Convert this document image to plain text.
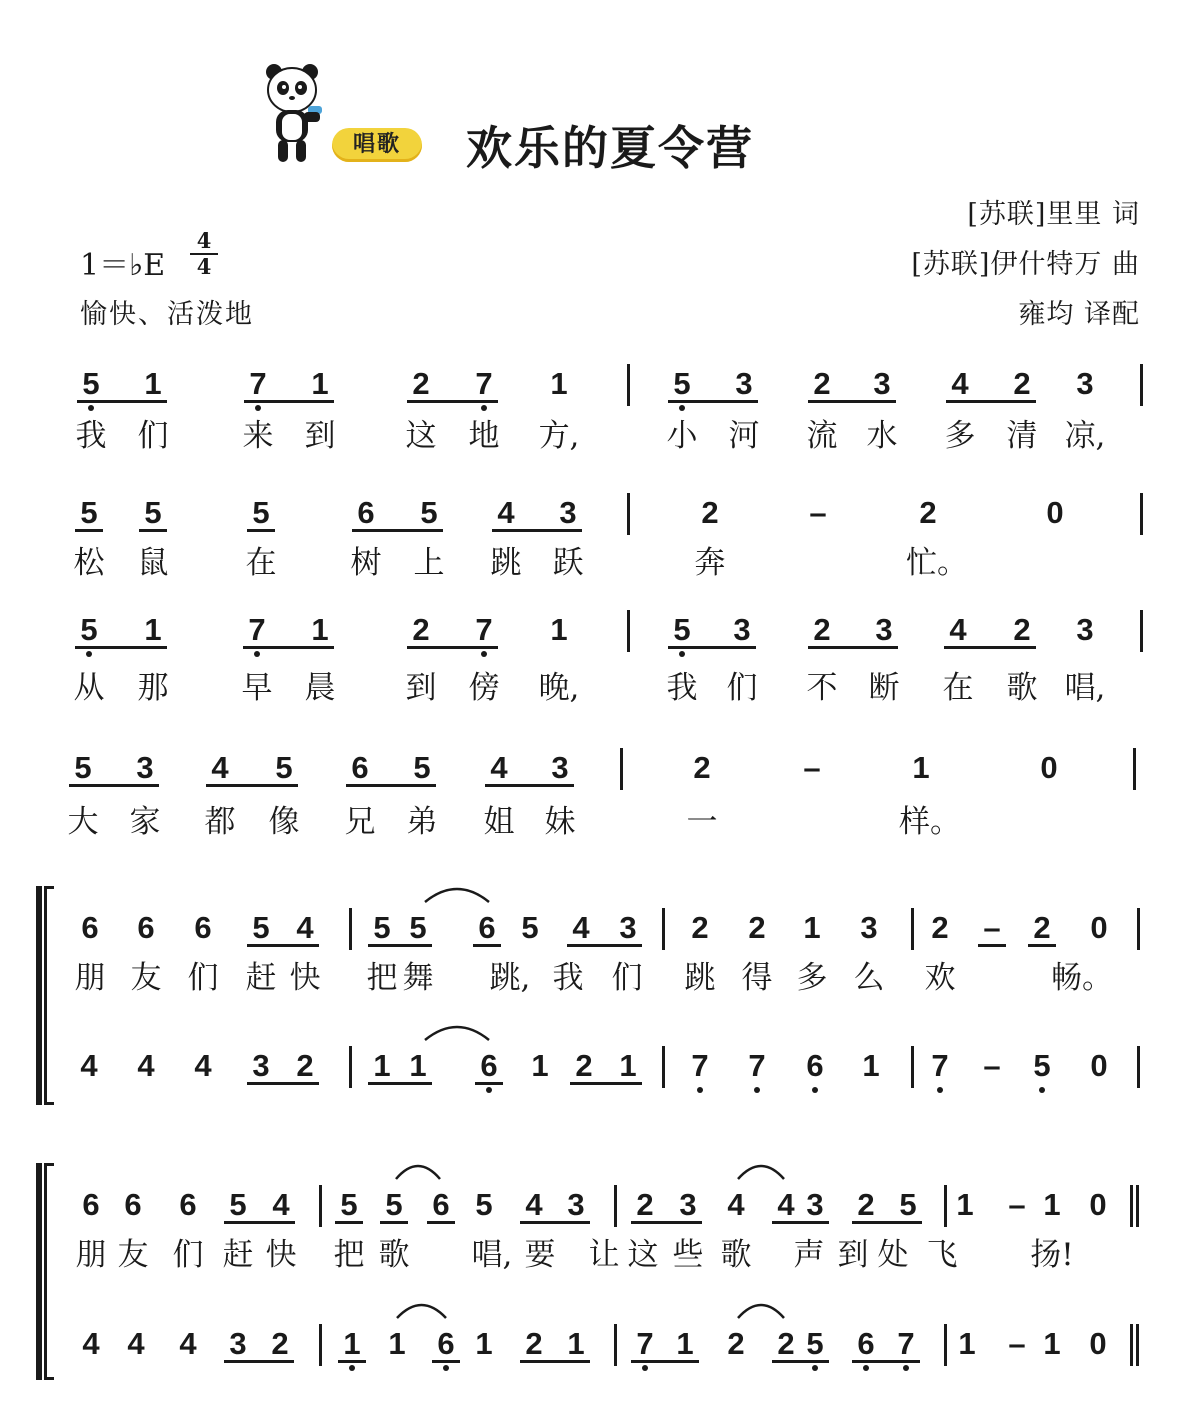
唱歌	欢乐的夏令营
[苏联]里里 词
[苏联]伊什特万 曲
雍均 译配
1＝♭E
4
4
愉快、活泼地
5	1	7	1	2	7	1	5	3	2	3	4	2	3
我 们 来 到 这 地 方,	小 河 流 水 多 清 凉,
5	5	5	6	5	4	3	2	–	2	0
松 鼠 在 树 上 跳 跃	奔	忙。
5	1	7	1	2	7	1	5	3	2	3	4	2	3
从 那 早 晨 到 傍 晚,	我 们 不 断 在 歌 唱,
5	3	4	5	6	5	4	3	2	–	1	0
大 家 都 像 兄 弟 姐 妹	一	样。
6	6	6	5 4	5 5	6 5	4 3	2	2	1	3	2	–	2	0
朋 友 们 赶 快 把 舞 跳, 我 们 跳 得 多 么 欢	畅。
4	4	4	3 2	1 1	6	1 2 1	7	7	6	1	7	–	5	0
6 6	6	5 4	5 5 6 5	4 3	2 3 4	4 3	2 5	1	– 1 0
朋 友 们 赶 快 把 歌 唱, 要 让 这 些 歌 声 到 处 飞 扬!
4 4	4	3 2	1 1	6 1	2 1	7 1	2	2 5	6 7	1	– 1 0
